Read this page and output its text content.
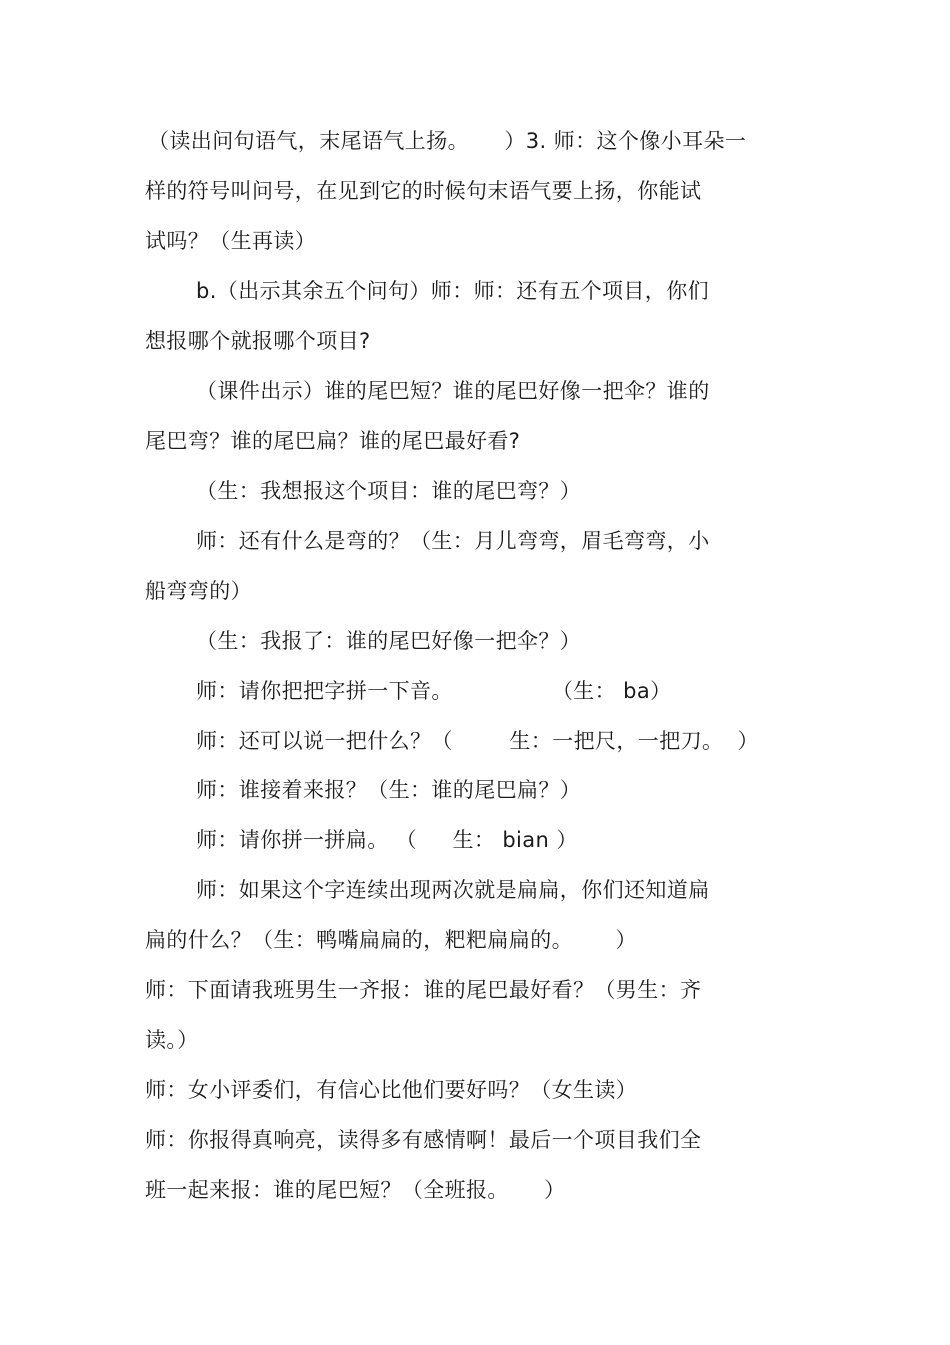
（读出问句语气，末尾语气上扬。     ）3. 师：这个像小耳朵一
样的符号叫问号，在见到它的时候句末语气要上扬，你能试
试吗？（生再读）
b.（出示其余五个问句）师：师：还有五个项目，你们
想报哪个就报哪个项目?
（课件出示）谁的尾巴短？谁的尾巴好像一把伞？谁的
尾巴弯？谁的尾巴扁？谁的尾巴最好看?
（生：我想报这个项目：谁的尾巴弯？）
师：还有什么是弯的？（生：月儿弯弯，眉毛弯弯，小
船弯弯的）
（生：我报了：谁的尾巴好像一把伞？）
师：请你把把字拼一下音。              （生： ba）
师：还可以说一把什么？（        生：一把尺，一把刀。  ）
师：谁接着来报？（生：谁的尾巴扁？）
师：请你拼一拼扁。 （     生： bian ）
师：如果这个字连续出现两次就是扁扁，你们还知道扁
扁的什么？（生：鸭嘴扁扁的，粑粑扁扁的。      ）
师：下面请我班男生一齐报：谁的尾巴最好看？（男生：齐
读。）
师：女小评委们，有信心比他们要好吗？（女生读）
师：你报得真响亮，读得多有感情啊！最后一个项目我们全
班一起来报：谁的尾巴短？（全班报。     ）
